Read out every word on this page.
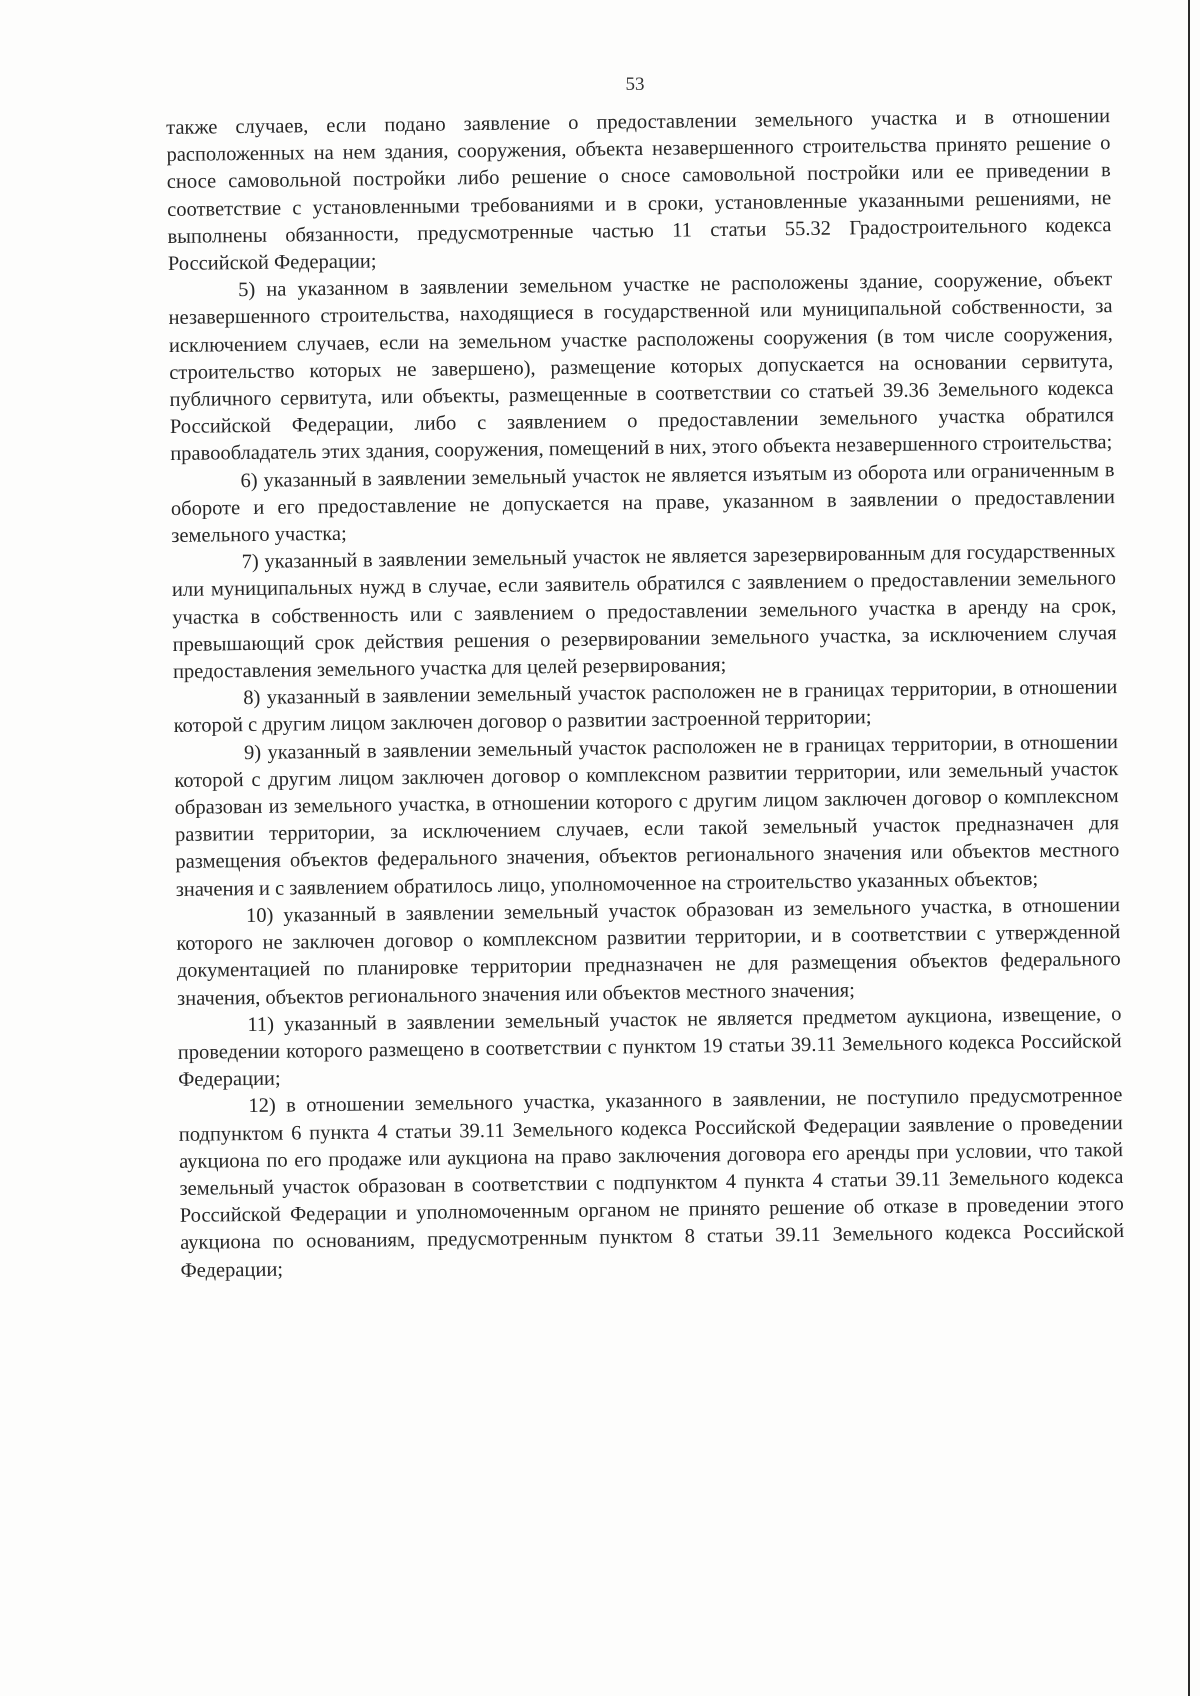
53

также случаев, если подано заявление о предоставлении земельного участка и в отношении расположенных на нем здания, сооружения, объекта незавершенного строительства принято решение о сносе самовольной постройки либо решение о сносе самовольной постройки или ее приведении в соответствие с установленными требованиями и в сроки, установленные указанными решениями, не выполнены обязанности, предусмотренные частью 11 статьи 55.32 Градостроительного кодекса Российской Федерации;

5) на указанном в заявлении земельном участке не расположены здание, сооружение, объект незавершенного строительства, находящиеся в государственной или муниципальной собственности, за исключением случаев, если на земельном участке расположены сооружения (в том числе сооружения, строительство которых не завершено), размещение которых допускается на основании сервитута, публичного сервитута, или объекты, размещенные в соответствии со статьей 39.36 Земельного кодекса Российской Федерации, либо с заявлением о предоставлении земельного участка обратился правообладатель этих здания, сооружения, помещений в них, этого объекта незавершенного строительства;

6) указанный в заявлении земельный участок не является изъятым из оборота или ограниченным в обороте и его предоставление не допускается на праве, указанном в заявлении о предоставлении земельного участка;

7) указанный в заявлении земельный участок не является зарезервированным для государственных или муниципальных нужд в случае, если заявитель обратился с заявлением о предоставлении земельного участка в собственность или с заявлением о предоставлении земельного участка в аренду на срок, превышающий срок действия решения о резервировании земельного участка, за исключением случая предоставления земельного участка для целей резервирования;

8) указанный в заявлении земельный участок расположен не в границах территории, в отношении которой с другим лицом заключен договор о развитии застроенной территории;

9) указанный в заявлении земельный участок расположен не в границах территории, в отношении которой с другим лицом заключен договор о комплексном развитии территории, или земельный участок образован из земельного участка, в отношении которого с другим лицом заключен договор о комплексном развитии территории, за исключением случаев, если такой земельный участок предназначен для размещения объектов федерального значения, объектов регионального значения или объектов местного значения и с заявлением обратилось лицо, уполномоченное на строительство указанных объектов;

10) указанный в заявлении земельный участок образован из земельного участка, в отношении которого не заключен договор о комплексном развитии территории, и в соответствии с утвержденной документацией по планировке территории предназначен не для размещения объектов федерального значения, объектов регионального значения или объектов местного значения;

11) указанный в заявлении земельный участок не является предметом аукциона, извещение, о проведении которого размещено в соответствии с пунктом 19 статьи 39.11 Земельного кодекса Российской Федерации;

12) в отношении земельного участка, указанного в заявлении, не поступило предусмотренное подпунктом 6 пункта 4 статьи 39.11 Земельного кодекса Российской Федерации заявление о проведении аукциона по его продаже или аукциона на право заключения договора его аренды при условии, что такой земельный участок образован в соответствии с подпунктом 4 пункта 4 статьи 39.11 Земельного кодекса Российской Федерации и уполномоченным органом не принято решение об отказе в проведении этого аукциона по основаниям, предусмотренным пунктом 8 статьи 39.11 Земельного кодекса Российской Федерации;
